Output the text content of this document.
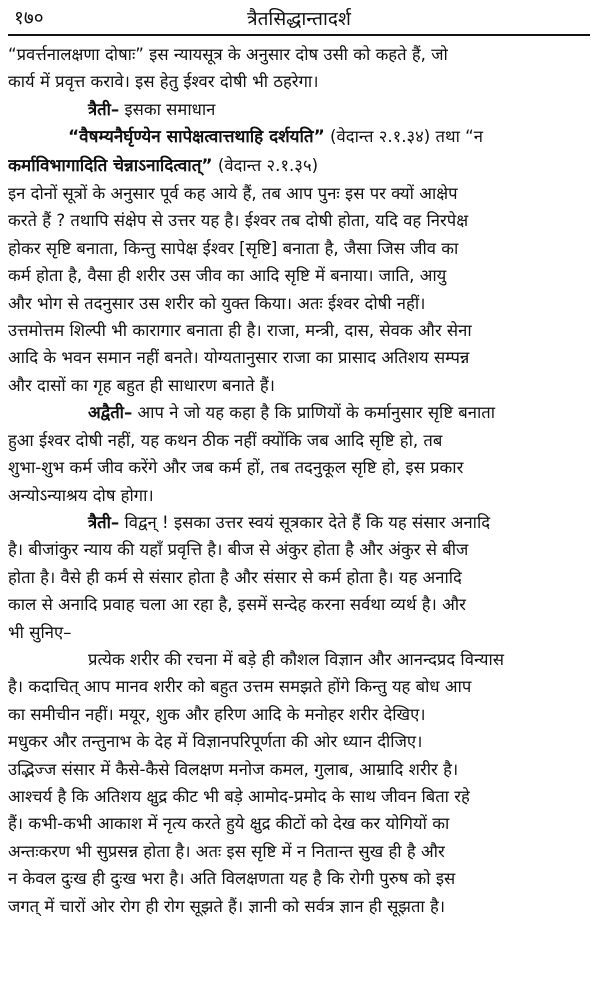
१७०	त्रैतसिद्धान्तादर्श
“प्रवर्त्तनालक्षणा दोषाः” इस न्यायसूत्र के अनुसार दोष उसी को कहते हैं, जो
कार्य में प्रवृत्त करावे। इस हेतु ईश्वर दोषी भी ठहरेगा।
त्रैती– इसका समाधान
“वैषम्यनैर्घृण्येन सापेक्षत्वात्तथाहि दर्शयति” (वेदान्त २.१.३४) तथा “न
कर्माविभागादिति चेन्नाऽनादित्वात्” (वेदान्त २.१.३५)
इन दोनों सूत्रों के अनुसार पूर्व कह आये हैं, तब आप पुनः इस पर क्यों आक्षेप
करते हैं ? तथापि संक्षेप से उत्तर यह है। ईश्वर तब दोषी होता, यदि वह निरपेक्ष
होकर सृष्टि बनाता, किन्तु सापेक्ष ईश्वर [सृष्टि] बनाता है, जैसा जिस जीव का
कर्म होता है, वैसा ही शरीर उस जीव का आदि सृष्टि में बनाया। जाति, आयु
और भोग से तदनुसार उस शरीर को युक्त किया। अतः ईश्वर दोषी नहीं।
उत्तमोत्तम शिल्पी भी कारागार बनाता ही है। राजा, मन्त्री, दास, सेवक और सेना
आदि के भवन समान नहीं बनते। योग्यतानुसार राजा का प्रासाद अतिशय सम्पन्न
और दासों का गृह बहुत ही साधारण बनाते हैं।
अद्वैती– आप ने जो यह कहा है कि प्राणियों के कर्मानुसार सृष्टि बनाता
हुआ ईश्वर दोषी नहीं, यह कथन ठीक नहीं क्योंकि जब आदि सृष्टि हो, तब
शुभा-शुभ कर्म जीव करेंगे और जब कर्म हों, तब तदनुकूल सृष्टि हो, इस प्रकार
अन्योऽन्याश्रय दोष होगा।
त्रैती– विद्वन् ! इसका उत्तर स्वयं सूत्रकार देते हैं कि यह संसार अनादि
है। बीजांकुर न्याय की यहाँ प्रवृत्ति है। बीज से अंकुर होता है और अंकुर से बीज
होता है। वैसे ही कर्म से संसार होता है और संसार से कर्म होता है। यह अनादि
काल से अनादि प्रवाह चला आ रहा है, इसमें सन्देह करना सर्वथा व्यर्थ है। और
भी सुनिए–
प्रत्येक शरीर की रचना में बड़े ही कौशल विज्ञान और आनन्दप्रद विन्यास
है। कदाचित् आप मानव शरीर को बहुत उत्तम समझते होंगे किन्तु यह बोध आप
का समीचीन नहीं। मयूर, शुक और हरिण आदि के मनोहर शरीर देखिए।
मधुकर और तन्तुनाभ के देह में विज्ञानपरिपूर्णता की ओर ध्यान दीजिए।
उद्भिज्ज संसार में कैसे-कैसे विलक्षण मनोज कमल, गुलाब, आम्रादि शरीर है।
आश्चर्य है कि अतिशय क्षुद्र कीट भी बड़े आमोद-प्रमोद के साथ जीवन बिता रहे
हैं। कभी-कभी आकाश में नृत्य करते हुये क्षुद्र कीटों को देख कर योगियों का
अन्तःकरण भी सुप्रसन्न होता है। अतः इस सृष्टि में न नितान्त सुख ही है और
न केवल दुःख ही दुःख भरा है। अति विलक्षणता यह है कि रोगी पुरुष को इस
जगत् में चारों ओर रोग ही रोग सूझते हैं। ज्ञानी को सर्वत्र ज्ञान ही सूझता है।
